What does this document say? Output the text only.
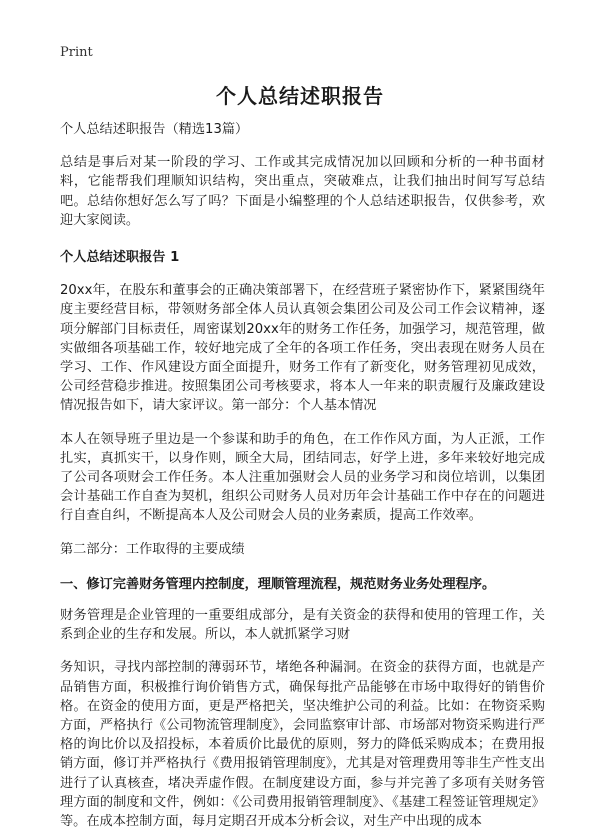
Print
个人总结述职报告

个人总结述职报告（精选13篇）

总结是事后对某一阶段的学习、工作或其完成情况加以回顾和分析的一种书面材料，它能帮我们理顺知识结构，突出重点，突破难点，让我们抽出时间写写总结吧。总结你想好怎么写了吗？下面是小编整理的个人总结述职报告，仅供参考，欢迎大家阅读。

个人总结述职报告 1

20xx年，在股东和董事会的正确决策部署下，在经营班子紧密协作下，紧紧围绕年度主要经营目标，带领财务部全体人员认真领会集团公司及公司工作会议精神，逐项分解部门目标责任，周密谋划20xx年的财务工作任务，加强学习，规范管理，做实做细各项基础工作，较好地完成了全年的各项工作任务，突出表现在财务人员在学习、工作、作风建设方面全面提升，财务工作有了新变化，财务管理初见成效，公司经营稳步推进。按照集团公司考核要求，将本人一年来的职责履行及廉政建设情况报告如下，请大家评议。第一部分：个人基本情况

本人在领导班子里边是一个参谋和助手的角色，在工作作风方面，为人正派，工作扎实，真抓实干，以身作则，顾全大局，团结同志，好学上进，多年来较好地完成了公司各项财会工作任务。本人注重加强财会人员的业务学习和岗位培训，以集团会计基础工作自查为契机，组织公司财务人员对历年会计基础工作中存在的问题进行自查自纠，不断提高本人及公司财会人员的业务素质，提高工作效率。

第二部分：工作取得的主要成绩

一、修订完善财务管理内控制度，理顺管理流程，规范财务业务处理程序。

财务管理是企业管理的一重要组成部分，是有关资金的获得和使用的管理工作，关系到企业的生存和发展。所以，本人就抓紧学习财

务知识，寻找内部控制的薄弱环节，堵绝各种漏洞。在资金的获得方面，也就是产品销售方面，积极推行询价销售方式，确保每批产品能够在市场中取得好的销售价格。在资金的使用方面，更是严格把关，坚决维护公司的利益。比如：在物资采购方面，严格执行《公司物流管理制度》，会同监察审计部、市场部对物资采购进行严格的询比价以及招投标，本着质价比最优的原则，努力的降低采购成本；在费用报销方面，修订并严格执行《费用报销管理制度》，尤其是对管理费用等非生产性支出进行了认真核查，堵决弄虚作假。在制度建设方面，参与并完善了多项有关财务管理方面的制度和文件，例如：《公司费用报销管理制度》、《基建工程签证管理规定》等。在成本控制方面，每月定期召开成本分析会议，对生产中出现的成本
